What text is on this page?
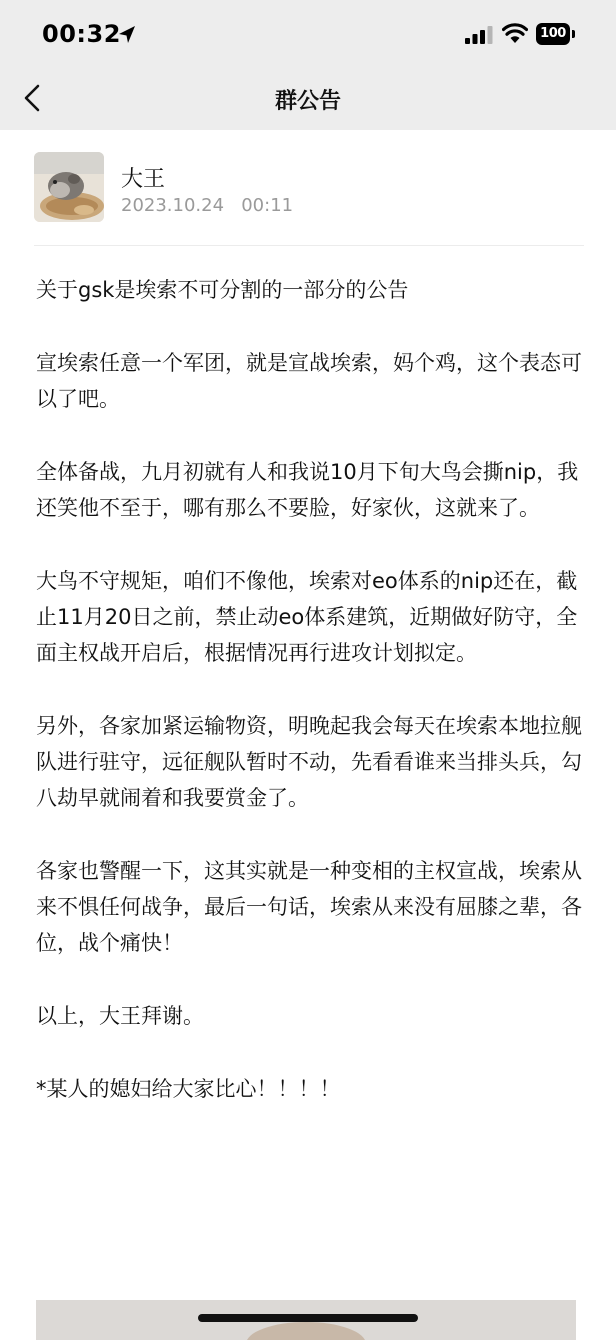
00:32	100
群公告
大王
2023.10.24   00:11

关于gsk是埃索不可分割的一部分的公告

宣埃索任意一个军团，就是宣战埃索，妈个鸡，这个表态可以了吧。

全体备战，九月初就有人和我说10月下旬大鸟会撕nip，我还笑他不至于，哪有那么不要脸，好家伙，这就来了。

大鸟不守规矩，咱们不像他，埃索对eo体系的nip还在，截止11月20日之前，禁止动eo体系建筑，近期做好防守，全面主权战开启后，根据情况再行进攻计划拟定。

另外，各家加紧运输物资，明晚起我会每天在埃索本地拉舰队进行驻守，远征舰队暂时不动，先看看谁来当排头兵，勾八劫早就闹着和我要赏金了。

各家也警醒一下，这其实就是一种变相的主权宣战，埃索从来不惧任何战争，最后一句话，埃索从来没有屈膝之辈，各位，战个痛快！

以上，大王拜谢。

*某人的媳妇给大家比心！！！！
